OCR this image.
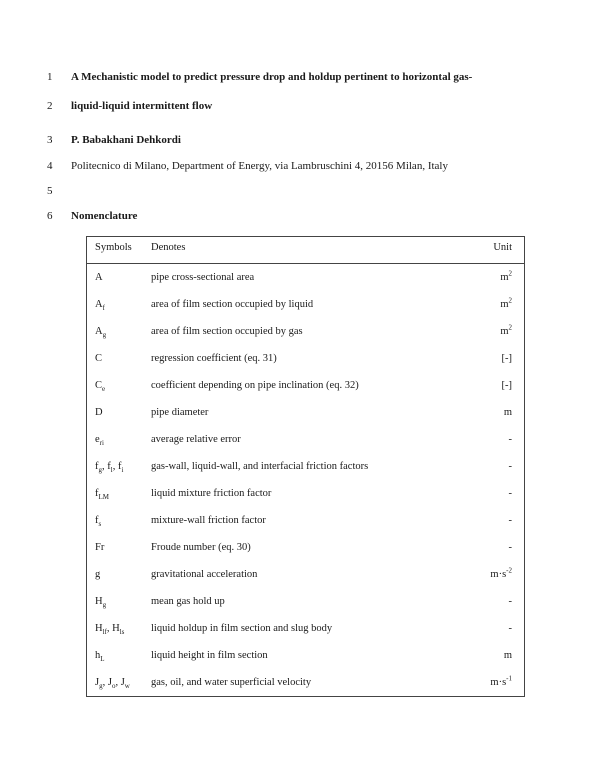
1	A Mechanistic model to predict pressure drop and holdup pertinent to horizontal gas-
2	liquid-liquid intermittent flow
3	P. Babakhani Dehkordi
4	Politecnico di Milano, Department of Energy, via Lambruschini 4, 20156 Milan, Italy
5
6	Nomenclature
Symbols	Denotes	Unit
A	pipe cross-sectional area	$m^2$
$A_f$	area of film section occupied by liquid	$m^2$
$A_g$	area of film section occupied by gas	$m^2$
C	regression coefficient (eq. 31)	[-]
$C_e$	coefficient depending on pipe inclination (eq. 32)	[-]
D	pipe diameter	m
$e_{ri}$	average relative error	-
$f_g$, $f_l$, $f_i$	gas-wall, liquid-wall, and interfacial friction factors	-
$f_{LM}$	liquid mixture friction factor	-
$f_s$	mixture-wall friction factor	-
Fr	Froude number (eq. 30)	-
g	gravitational acceleration	$m\cdot s^{-2}$
$H_g$	mean gas hold up	-
$H_{lf}$, $H_{ls}$	liquid holdup in film section and slug body	-
$h_L$	liquid height in film section	m
$J_g$, $J_o$, $J_w$	gas, oil, and water superficial velocity	$m\cdot s^{-1}$
